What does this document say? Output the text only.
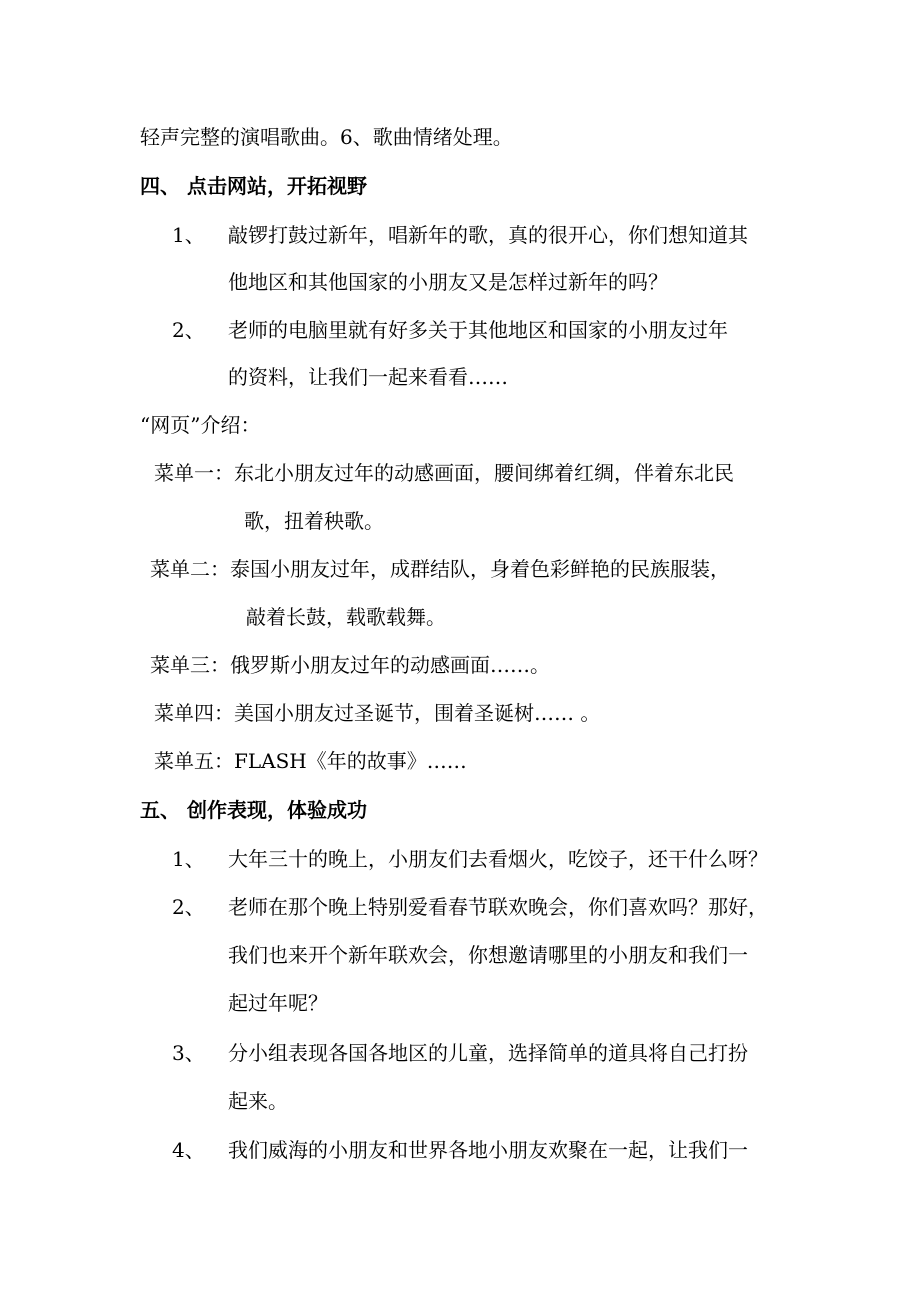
轻声完整的演唱歌曲。6、歌曲情绪处理。
四、 点击网站，开拓视野
1、 敲锣打鼓过新年，唱新年的歌，真的很开心，你们想知道其
他地区和其他国家的小朋友又是怎样过新年的吗？
2、 老师的电脑里就有好多关于其他地区和国家的小朋友过年
的资料，让我们一起来看看……
“网页”介绍：
菜单一：东北小朋友过年的动感画面，腰间绑着红绸，伴着东北民
歌，扭着秧歌。
菜单二：泰国小朋友过年，成群结队，身着色彩鲜艳的民族服装，
敲着长鼓，载歌载舞。
菜单三：俄罗斯小朋友过年的动感画面……。
菜单四：美国小朋友过圣诞节，围着圣诞树…… 。
菜单五：FLASH《年的故事》……
五、 创作表现，体验成功
1、 大年三十的晚上，小朋友们去看烟火，吃饺子，还干什么呀？
2、 老师在那个晚上特别爱看春节联欢晚会，你们喜欢吗？那好，
我们也来开个新年联欢会，你想邀请哪里的小朋友和我们一
起过年呢？
3、 分小组表现各国各地区的儿童，选择简单的道具将自己打扮
起来。
4、 我们威海的小朋友和世界各地小朋友欢聚在一起，让我们一
